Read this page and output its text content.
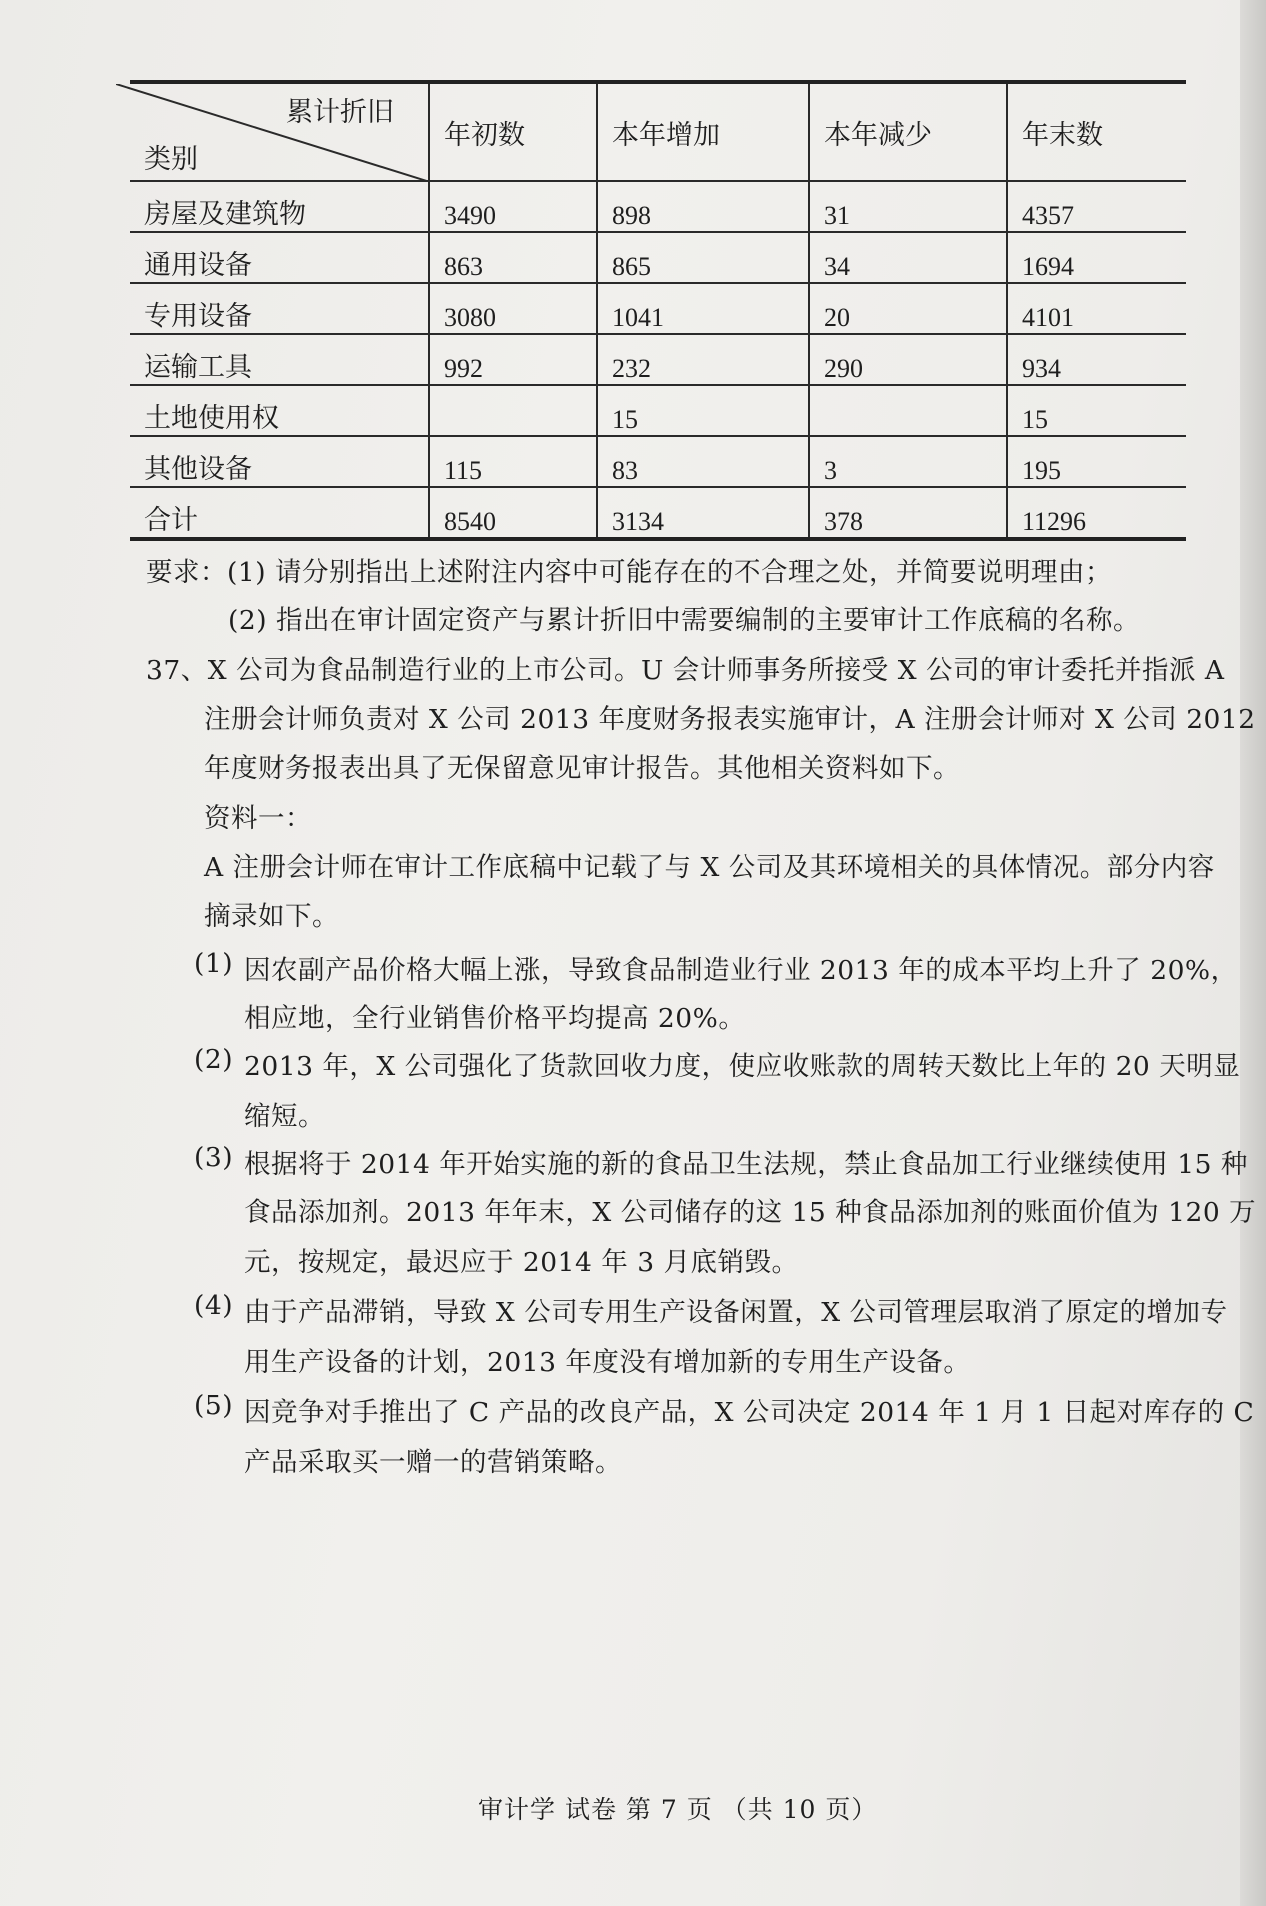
累计折旧
类别	年初数	本年增加	本年减少	年末数
房屋及建筑物	3490	898	31	4357
通用设备	863	865	34	1694
专用设备	3080	1041	20	4101
运输工具	992	232	290	934
土地使用权		15		15
其他设备	115	83	3	195
合计	8540	3134	378	11296
要求：(1) 请分别指出上述附注内容中可能存在的不合理之处，并简要说明理由；
(2) 指出在审计固定资产与累计折旧中需要编制的主要审计工作底稿的名称。
37、X 公司为食品制造行业的上市公司。U 会计师事务所接受 X 公司的审计委托并指派 A
注册会计师负责对 X 公司 2013 年度财务报表实施审计，A 注册会计师对 X 公司 2012
年度财务报表出具了无保留意见审计报告。其他相关资料如下。
资料一：
A 注册会计师在审计工作底稿中记载了与 X 公司及其环境相关的具体情况。部分内容
摘录如下。
(1) 因农副产品价格大幅上涨，导致食品制造业行业 2013 年的成本平均上升了 20%，
相应地，全行业销售价格平均提高 20%。
(2) 2013 年，X 公司强化了货款回收力度，使应收账款的周转天数比上年的 20 天明显
缩短。
(3) 根据将于 2014 年开始实施的新的食品卫生法规，禁止食品加工行业继续使用 15 种
食品添加剂。2013 年年末，X 公司储存的这 15 种食品添加剂的账面价值为 120 万
元，按规定，最迟应于 2014 年 3 月底销毁。
(4) 由于产品滞销，导致 X 公司专用生产设备闲置，X 公司管理层取消了原定的增加专
用生产设备的计划，2013 年度没有增加新的专用生产设备。
(5) 因竞争对手推出了 C 产品的改良产品，X 公司决定 2014 年 1 月 1 日起对库存的 C
产品采取买一赠一的营销策略。
审计学 试卷 第 7 页 （共 10 页）
